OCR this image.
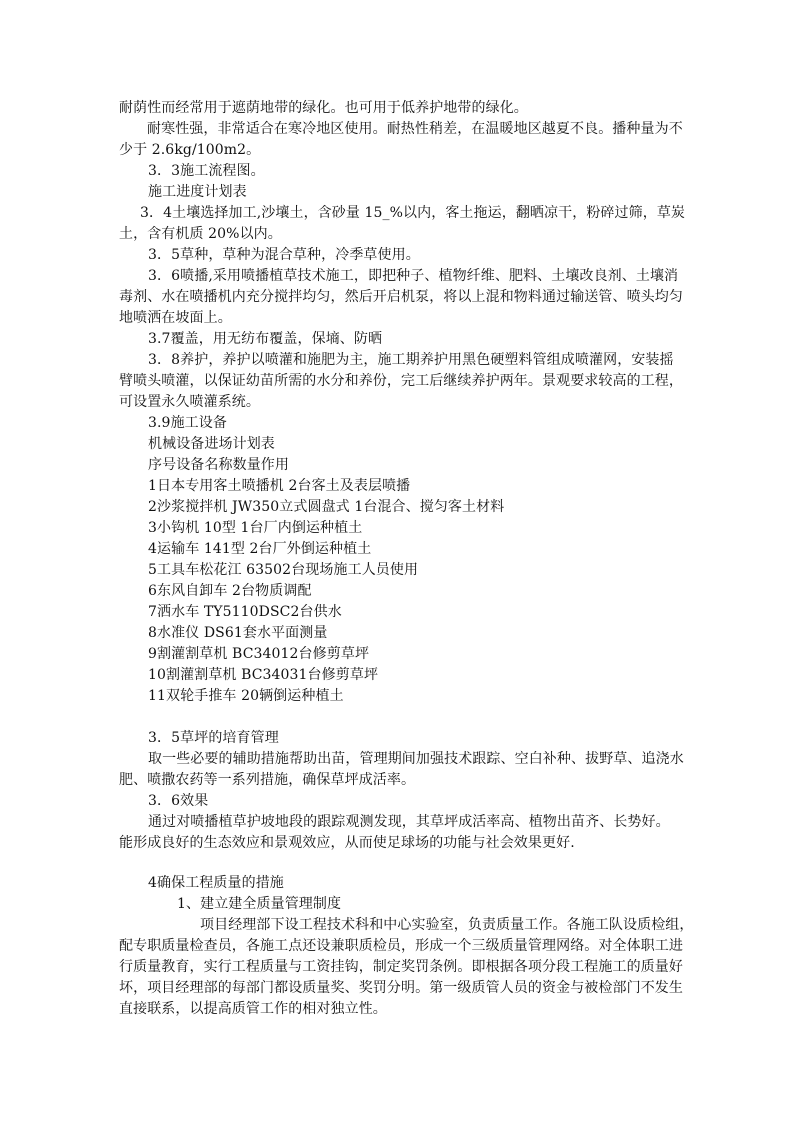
耐荫性而经常用于遮荫地带的绿化。也可用于低养护地带的绿化。
耐寒性强，非常适合在寒冷地区使用。耐热性稍差，在温暖地区越夏不良。播种量为不
少于 2.6kg/100m2。
3．3施工流程图。
施工进度计划表
3．4土壤选择加工,沙壤土，含砂量 15_%以内，客土拖运，翻晒凉干，粉碎过筛，草炭
土，含有机质 20%以内。
3．5草种，草种为混合草种，冷季草使用。
3．6喷播,采用喷播植草技术施工，即把种子、植物纤维、肥料、土壤改良剂、土壤消
毒剂、水在喷播机内充分搅拌均匀，然后开启机泵，将以上混和物料通过输送管、喷头均匀
地喷洒在坡面上。
3.7覆盖，用无纺布覆盖，保墒、防晒
3．8养护，养护以喷灌和施肥为主，施工期养护用黑色硬塑料管组成喷灌网，安装摇
臂喷头喷灌，以保证幼苗所需的水分和养份，完工后继续养护两年。景观要求较高的工程，
可设置永久喷灌系统。
3.9施工设备
机械设备进场计划表
序号设备名称数量作用
1日本专用客土喷播机 2台客土及表层喷播
2沙浆搅拌机 JW350立式圆盘式 1台混合、搅匀客土材料
3小钩机 10型 1台厂内倒运种植土
4运输车 141型 2台厂外倒运种植土
5工具车松花江 63502台现场施工人员使用
6东风自卸车 2台物质调配
7洒水车 TY5110DSC2台供水
8水准仪 DS61套水平面测量
9割灌割草机 BC34012台修剪草坪
10割灌割草机 BC34031台修剪草坪
11双轮手推车 20辆倒运种植土
3．5草坪的培育管理
取一些必要的辅助措施帮助出苗，管理期间加强技术跟踪、空白补种、拔野草、追浇水
肥、喷撒农药等一系列措施，确保草坪成活率。
3．6效果
通过对喷播植草护坡地段的跟踪观测发现，其草坪成活率高、植物出苗齐、长势好。
能形成良好的生态效应和景观效应，从而使足球场的功能与社会效果更好.
4确保工程质量的措施
1、建立建全质量管理制度
项目经理部下设工程技术科和中心实验室，负责质量工作。各施工队设质检组，
配专职质量检查员，各施工点还设兼职质检员，形成一个三级质量管理网络。对全体职工进
行质量教育，实行工程质量与工资挂钩，制定奖罚条例。即根据各项分段工程施工的质量好
坏，项目经理部的每部门都设质量奖、奖罚分明。第一级质管人员的资金与被检部门不发生
直接联系，以提高质管工作的相对独立性。
